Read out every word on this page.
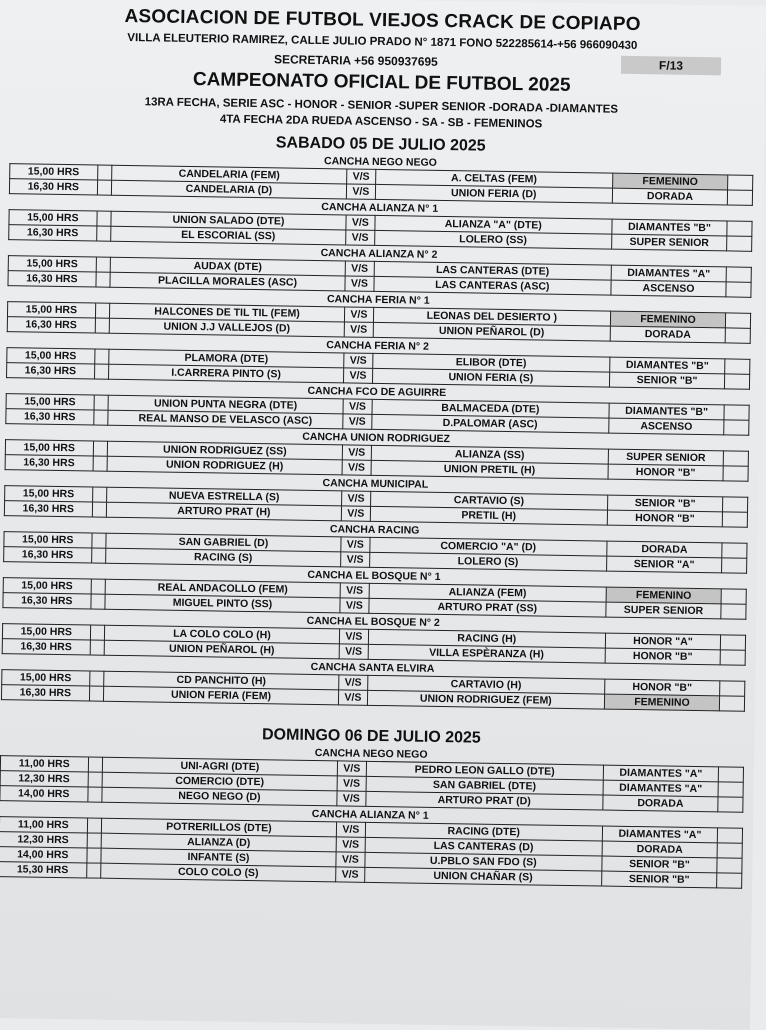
ASOCIACION DE FUTBOL VIEJOS CRACK DE COPIAPO
VILLA ELEUTERIO RAMIREZ, CALLE JULIO PRADO N° 1871 FONO 522285614-+56 966090430
SECRETARIA +56 950937695	F/13
CAMPEONATO OFICIAL DE FUTBOL 2025
13RA FECHA, SERIE ASC - HONOR - SENIOR -SUPER SENIOR -DORADA -DIAMANTES
4TA FECHA 2DA RUEDA ASCENSO - SA - SB - FEMENINOS
SABADO 05 DE JULIO 2025
CANCHA NEGO NEGO
15,00 HRS		CANDELARIA (FEM)	V/S	A. CELTAS (FEM)	FEMENINO	
16,30 HRS		CANDELARIA (D)	V/S	UNION FERIA (D)	DORADA	
CANCHA ALIANZA N° 1
15,00 HRS		UNION SALADO (DTE)	V/S	ALIANZA "A" (DTE)	DIAMANTES "B"	
16,30 HRS		EL ESCORIAL (SS)	V/S	LOLERO (SS)	SUPER SENIOR	
CANCHA ALIANZA N° 2
15,00 HRS		AUDAX (DTE)	V/S	LAS CANTERAS (DTE)	DIAMANTES "A"	
16,30 HRS		PLACILLA MORALES (ASC)	V/S	LAS CANTERAS (ASC)	ASCENSO	
CANCHA FERIA N° 1
15,00 HRS		HALCONES DE TIL TIL (FEM)	V/S	LEONAS DEL DESIERTO )	FEMENINO	
16,30 HRS		UNION J.J VALLEJOS (D)	V/S	UNION PEÑAROL (D)	DORADA	
CANCHA FERIA N° 2
15,00 HRS		PLAMORA (DTE)	V/S	ELIBOR (DTE)	DIAMANTES "B"	
16,30 HRS		I.CARRERA PINTO (S)	V/S	UNION FERIA (S)	SENIOR "B"	
CANCHA FCO DE AGUIRRE
15,00 HRS		UNION PUNTA NEGRA (DTE)	V/S	BALMACEDA (DTE)	DIAMANTES "B"	
16,30 HRS		REAL MANSO DE VELASCO (ASC)	V/S	D.PALOMAR (ASC)	ASCENSO	
CANCHA UNION RODRIGUEZ
15,00 HRS		UNION RODRIGUEZ (SS)	V/S	ALIANZA (SS)	SUPER SENIOR	
16,30 HRS		UNION RODRIGUEZ (H)	V/S	UNION PRETIL (H)	HONOR "B"	
CANCHA MUNICIPAL
15,00 HRS		NUEVA ESTRELLA (S)	V/S	CARTAVIO (S)	SENIOR "B"	
16,30 HRS		ARTURO PRAT (H)	V/S	PRETIL (H)	HONOR "B"	
CANCHA RACING
15,00 HRS		SAN GABRIEL (D)	V/S	COMERCIO "A" (D)	DORADA	
16,30 HRS		RACING (S)	V/S	LOLERO (S)	SENIOR "A"	
CANCHA EL BOSQUE N° 1
15,00 HRS		REAL ANDACOLLO (FEM)	V/S	ALIANZA (FEM)	FEMENINO	
16,30 HRS		MIGUEL PINTO (SS)	V/S	ARTURO PRAT (SS)	SUPER SENIOR	
CANCHA EL BOSQUE N° 2
15,00 HRS		LA COLO COLO (H)	V/S	RACING (H)	HONOR "A"	
16,30 HRS		UNION PEÑAROL (H)	V/S	VILLA ESPÈRANZA (H)	HONOR "B"	
CANCHA SANTA ELVIRA
15,00 HRS		CD PANCHITO (H)	V/S	CARTAVIO (H)	HONOR "B"	
16,30 HRS		UNION FERIA (FEM)	V/S	UNION RODRIGUEZ (FEM)	FEMENINO	
DOMINGO 06 DE JULIO 2025
CANCHA NEGO NEGO
11,00 HRS		UNI-AGRI (DTE)	V/S	PEDRO LEON GALLO (DTE)	DIAMANTES "A"	
12,30 HRS		COMERCIO (DTE)	V/S	SAN GABRIEL (DTE)	DIAMANTES "A"	
14,00 HRS		NEGO NEGO (D)	V/S	ARTURO PRAT (D)	DORADA	
CANCHA ALIANZA N° 1
11,00 HRS		POTRERILLOS (DTE)	V/S	RACING (DTE)	DIAMANTES "A"	
12,30 HRS		ALIANZA (D)	V/S	LAS CANTERAS (D)	DORADA	
14,00 HRS		INFANTE (S)	V/S	U.PBLO SAN FDO (S)	SENIOR "B"	
15,30 HRS		COLO COLO (S)	V/S	UNION CHAÑAR (S)	SENIOR "B"	
